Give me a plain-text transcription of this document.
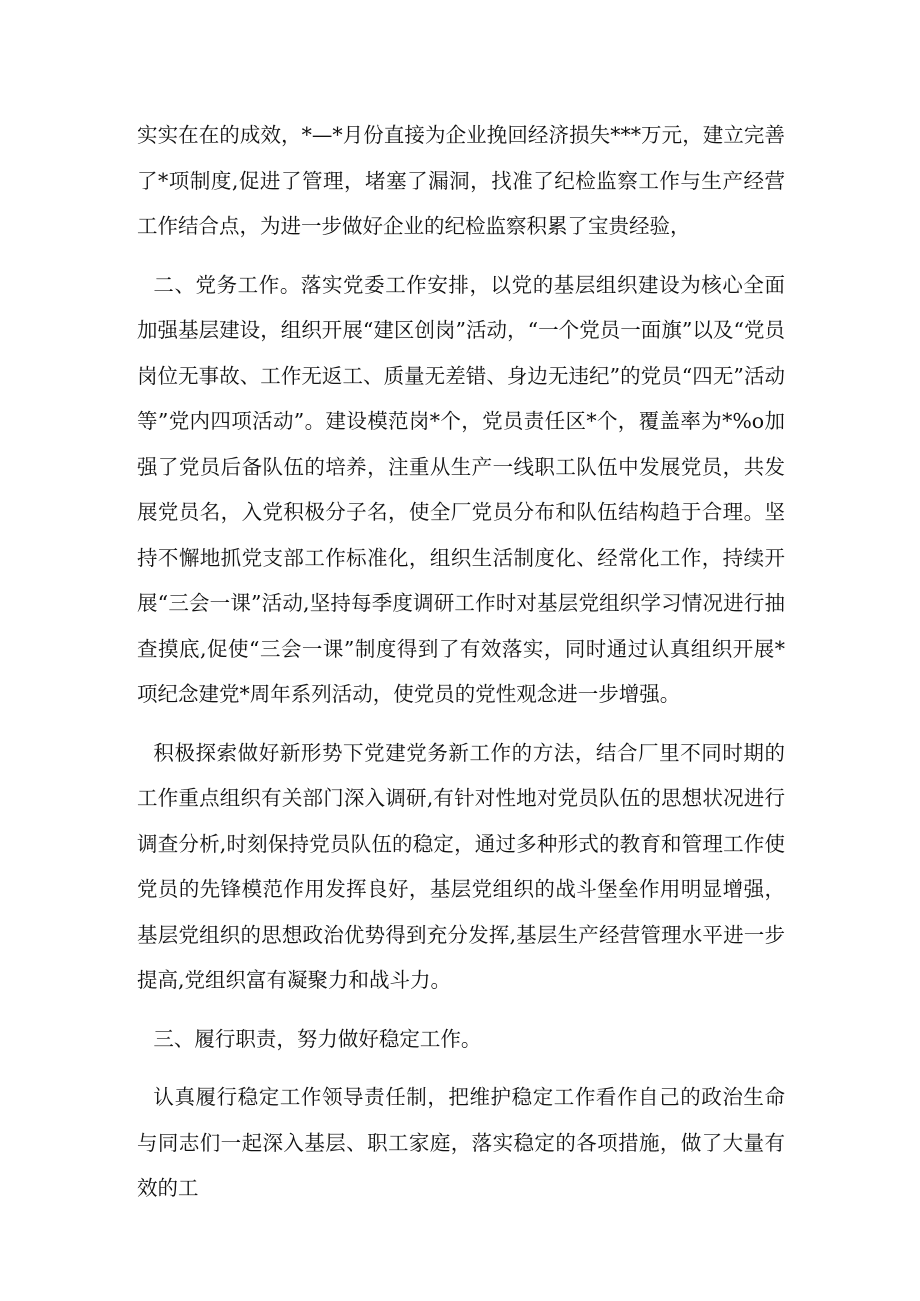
实实在在的成效，*—*月份直接为企业挽回经济损失***万元，建立完善了*项制度,促进了管理，堵塞了漏洞，找准了纪检监察工作与生产经营工作结合点，为进一步做好企业的纪检监察积累了宝贵经验，

二、党务工作。落实党委工作安排，以党的基层组织建设为核心全面加强基层建设，组织开展“建区创岗”活动，“一个党员一面旗”以及“党员岗位无事故、工作无返工、质量无差错、身边无违纪”的党员“四无”活动等”党内四项活动”。建设模范岗*个，党员责任区*个，覆盖率为*%o加强了党员后备队伍的培养，注重从生产一线职工队伍中发展党员，共发展党员名，入党积极分子名，使全厂党员分布和队伍结构趋于合理。坚持不懈地抓党支部工作标准化，组织生活制度化、经常化工作，持续开展“三会一课”活动,坚持每季度调研工作时对基层党组织学习情况进行抽查摸底,促使“三会一课”制度得到了有效落实，同时通过认真组织开展*项纪念建党*周年系列活动，使党员的党性观念进一步增强。

积极探索做好新形势下党建党务新工作的方法，结合厂里不同时期的工作重点组织有关部门深入调研,有针对性地对党员队伍的思想状况进行调查分析,时刻保持党员队伍的稳定，通过多种形式的教育和管理工作使党员的先锋模范作用发挥良好，基层党组织的战斗堡垒作用明显增强，基层党组织的思想政治优势得到充分发挥,基层生产经营管理水平进一步提高,党组织富有凝聚力和战斗力。

三、履行职责，努力做好稳定工作。

认真履行稳定工作领导责任制，把维护稳定工作看作自己的政治生命与同志们一起深入基层、职工家庭，落实稳定的各项措施，做了大量有效的工
